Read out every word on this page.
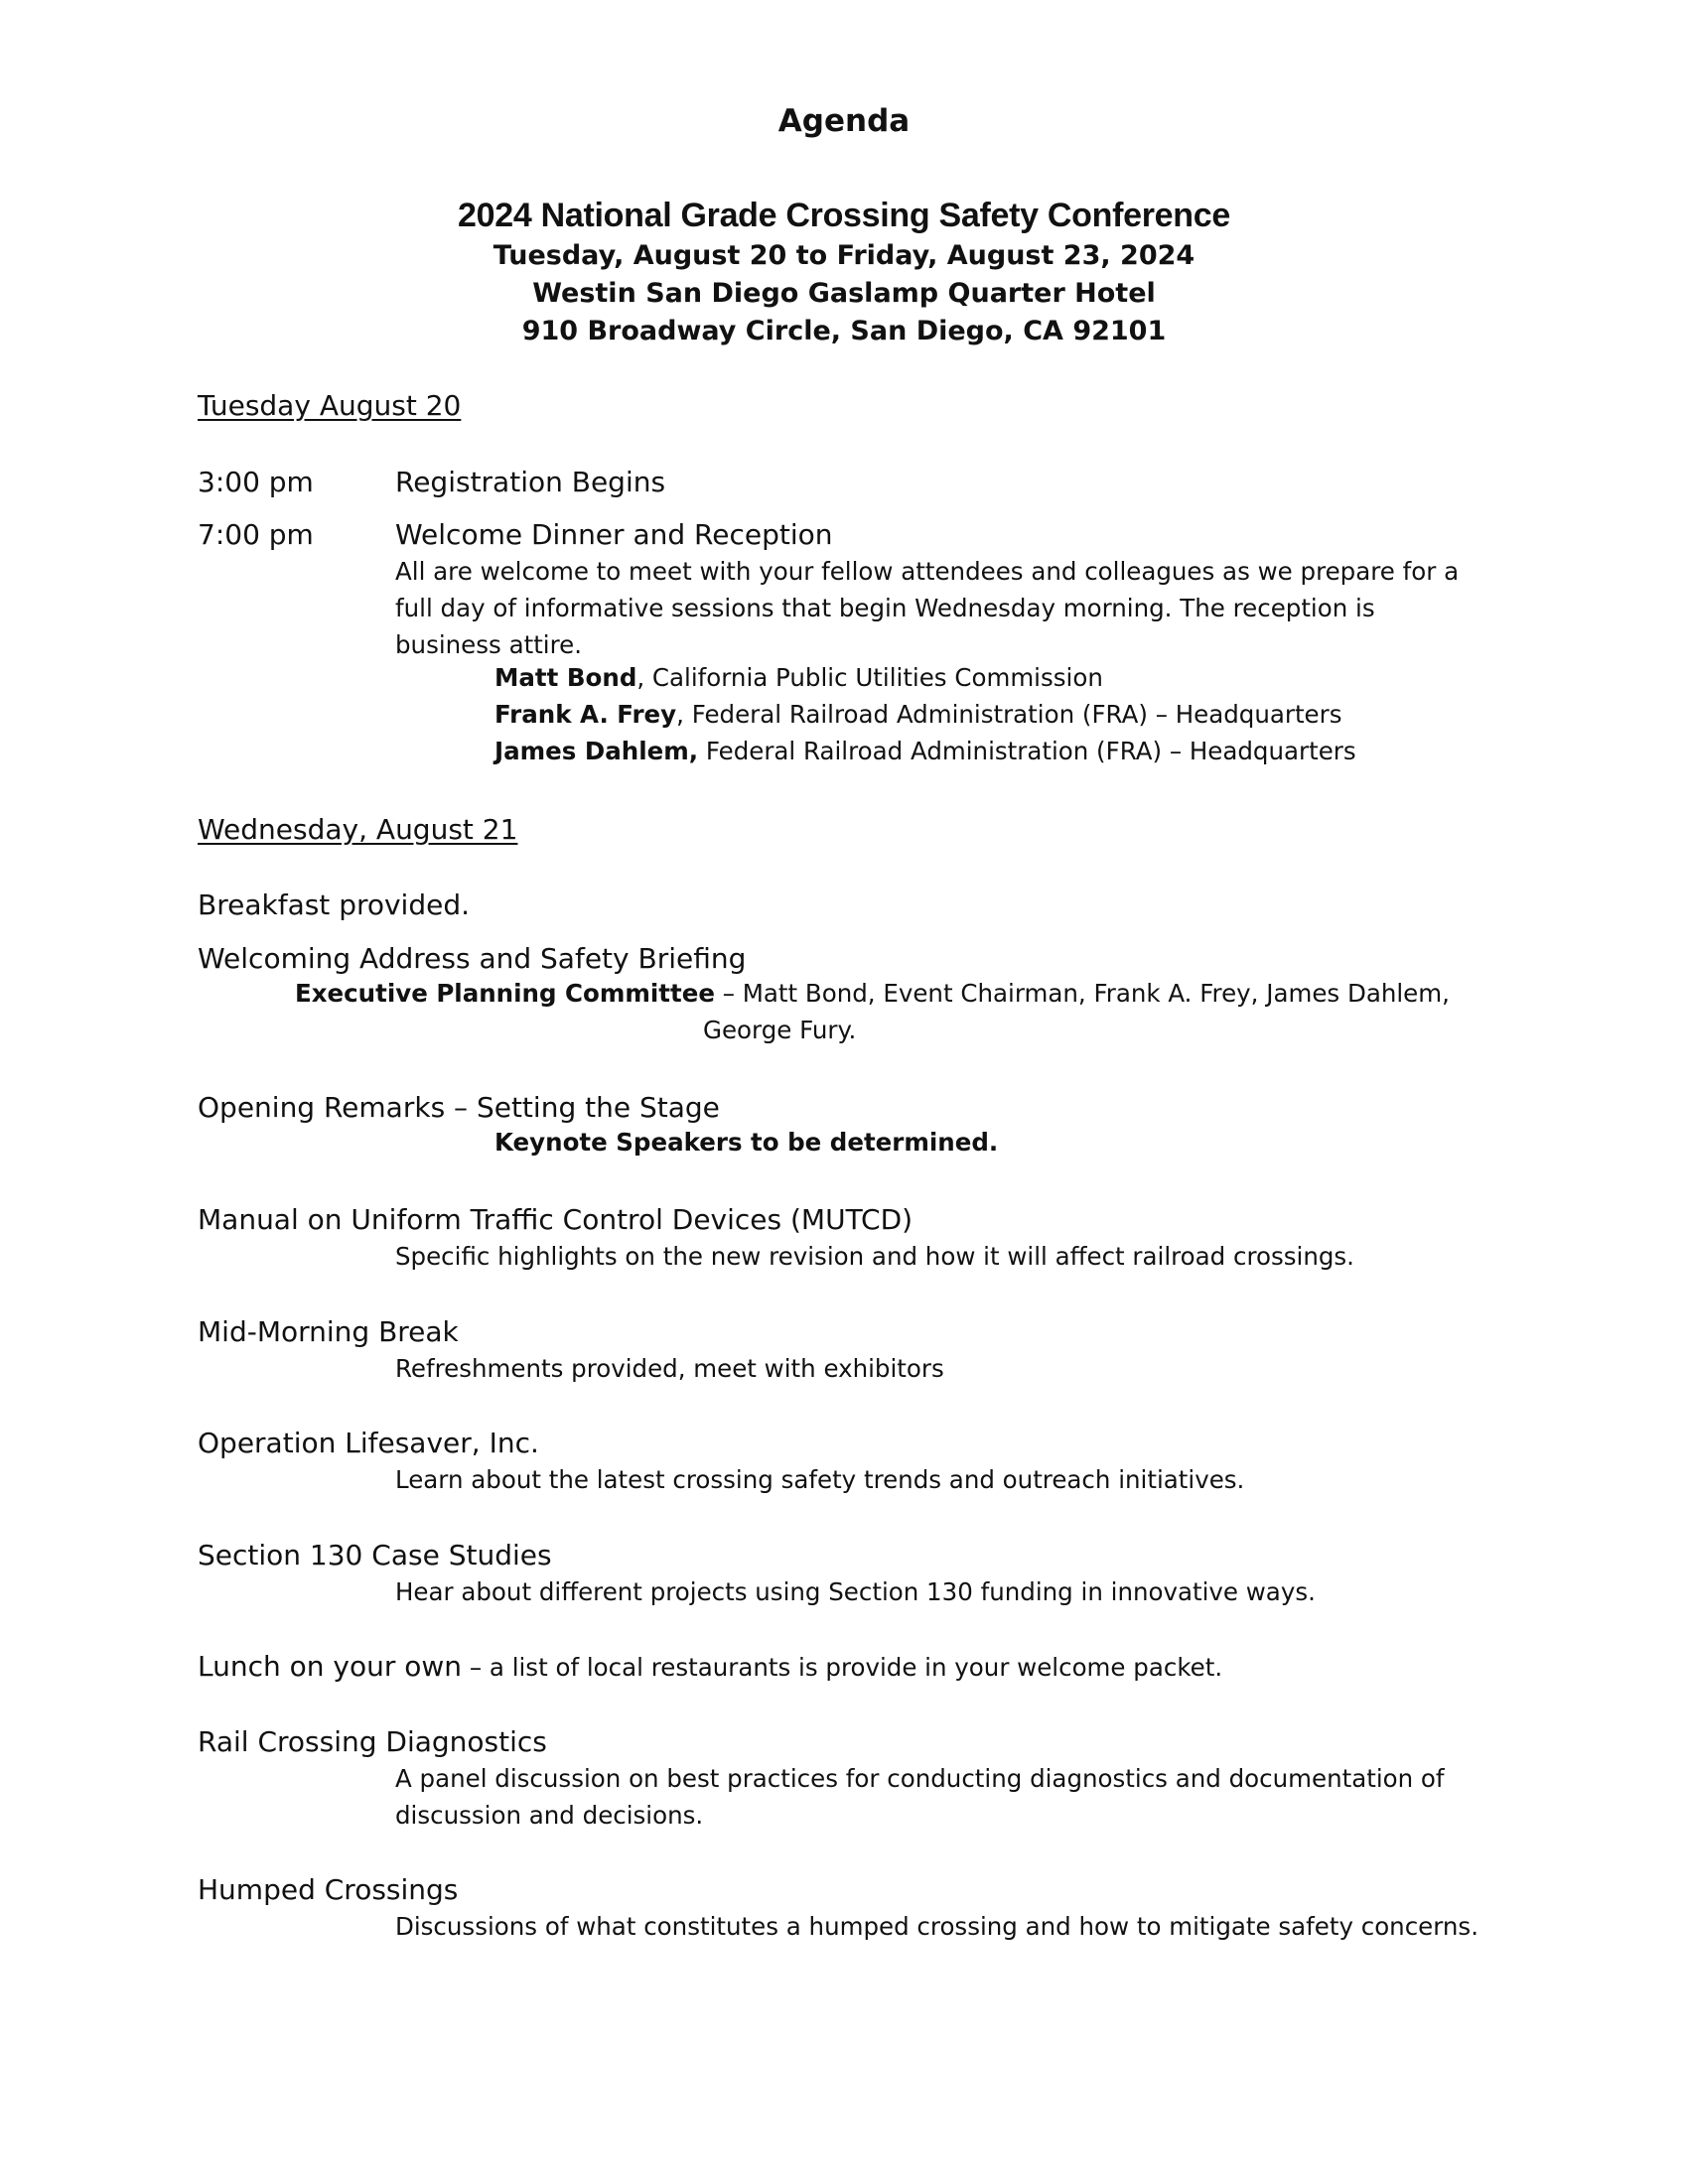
Agenda
2024 National Grade Crossing Safety Conference
Tuesday, August 20 to Friday, August 23, 2024
Westin San Diego Gaslamp Quarter Hotel
910 Broadway Circle, San Diego, CA 92101
Tuesday August 20
3:00 pm	Registration Begins
7:00 pm	Welcome Dinner and Reception
All are welcome to meet with your fellow attendees and colleagues as we prepare for a
full day of informative sessions that begin Wednesday morning. The reception is
business attire.
Matt Bond, California Public Utilities Commission
Frank A. Frey, Federal Railroad Administration (FRA) – Headquarters
James Dahlem, Federal Railroad Administration (FRA) – Headquarters
Wednesday, August 21
Breakfast provided.
Welcoming Address and Safety Briefing
Executive Planning Committee – Matt Bond, Event Chairman, Frank A. Frey, James Dahlem,
George Fury.
Opening Remarks – Setting the Stage
Keynote Speakers to be determined.
Manual on Uniform Traffic Control Devices (MUTCD)
Specific highlights on the new revision and how it will affect railroad crossings.
Mid-Morning Break
Refreshments provided, meet with exhibitors
Operation Lifesaver, Inc.
Learn about the latest crossing safety trends and outreach initiatives.
Section 130 Case Studies
Hear about different projects using Section 130 funding in innovative ways.
Lunch on your own – a list of local restaurants is provide in your welcome packet.
Rail Crossing Diagnostics
A panel discussion on best practices for conducting diagnostics and documentation of
discussion and decisions.
Humped Crossings
Discussions of what constitutes a humped crossing and how to mitigate safety concerns.
